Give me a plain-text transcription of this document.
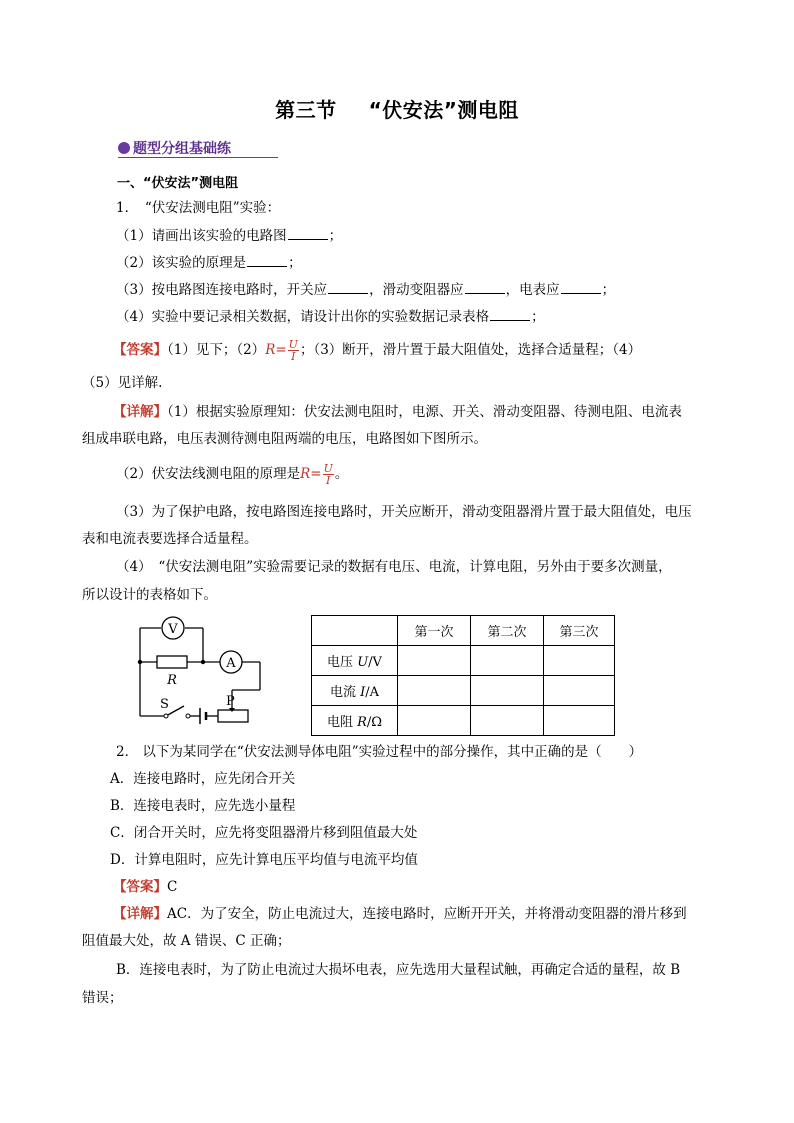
第三节 “伏安法”测电阻
题型分组基础练
一、“伏安法”测电阻
1．　“伏安法测电阻”实验：
（1）请画出该实验的电路图	；
（2）该实验的原理是	；
（3）按电路图连接电路时，开关应	，滑动变阻器应	，电表应	；
（4）实验中要记录相关数据，请设计出你的实验数据记录表格	；
【答案】（1）见下；$(2)R= \frac{U}{I}$ ；（3）断开，滑片置于最大阻值处，选择合适量程；（4）
（5）见详解.
【详解】（1）根据实验原理知：伏安法测电阻时，电源、开关、滑动变阻器、待测电阻、电流表
组成串联电路，电压表测待测电阻两端的电压，电路图如下图所示。
（2）伏安法线测电阻的原理是$R= \frac{U}{I}$ 。
（3）为了保护电路，按电路图连接电路时，开关应断开，滑动变阻器滑片置于最大阻值处，电压
表和电流表要选择合适量程。
（4）　“伏安法测电阻”实验需要记录的数据有电压、电流，计算电阻，另外由于要多次测量，
所以设计的表格如下。
V
A
R
S	P
	第一次	第二次	第三次
电压 U/V			
电流 I/A			
电阻 R/Ω			
2． 以下为某同学在“伏安法测导体电阻”实验过程中的部分操作，其中正确的是（　　）
A．连接电路时，应先闭合开关
B．连接电表时，应先选小量程
C．闭合开关时，应先将变阻器滑片移到阻值最大处
D．计算电阻时，应先计算电压平均值与电流平均值
【答案】C
【详解】AC．为了安全，防止电流过大，连接电路时，应断开开关，并将滑动变阻器的滑片移到
阻值最大处，故 A 错误、C 正确；
B．连接电表时，为了防止电流过大损坏电表，应先选用大量程试触，再确定合适的量程，故 B
错误；
